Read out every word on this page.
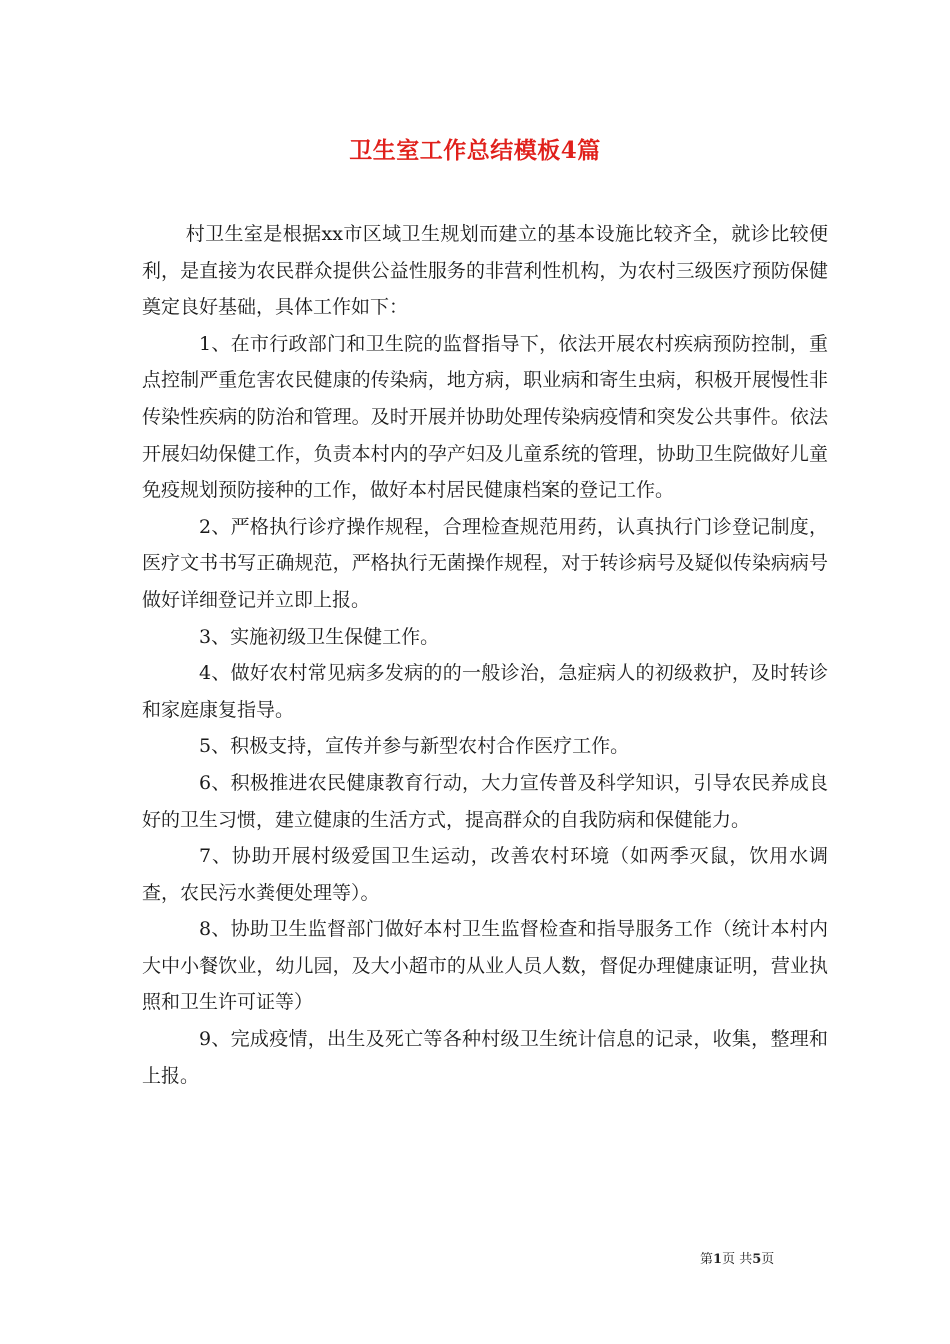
卫生室工作总结模板4篇

村卫生室是根据xx市区域卫生规划而建立的基本设施比较齐全，就诊比较便利，是直接为农民群众提供公益性服务的非营利性机构，为农村三级医疗预防保健奠定良好基础，具体工作如下：

1、在市行政部门和卫生院的监督指导下，依法开展农村疾病预防控制，重点控制严重危害农民健康的传染病，地方病，职业病和寄生虫病，积极开展慢性非传染性疾病的防治和管理。及时开展并协助处理传染病疫情和突发公共事件。依法开展妇幼保健工作，负责本村内的孕产妇及儿童系统的管理，协助卫生院做好儿童免疫规划预防接种的工作，做好本村居民健康档案的登记工作。

2、严格执行诊疗操作规程，合理检查规范用药，认真执行门诊登记制度，医疗文书书写正确规范，严格执行无菌操作规程，对于转诊病号及疑似传染病病号做好详细登记并立即上报。

3、实施初级卫生保健工作。

4、做好农村常见病多发病的的一般诊治，急症病人的初级救护，及时转诊和家庭康复指导。

5、积极支持，宣传并参与新型农村合作医疗工作。

6、积极推进农民健康教育行动，大力宣传普及科学知识，引导农民养成良好的卫生习惯，建立健康的生活方式，提高群众的自我防病和保健能力。

7、协助开展村级爱国卫生运动，改善农村环境（如两季灭鼠，饮用水调查，农民污水粪便处理等）。

8、协助卫生监督部门做好本村卫生监督检查和指导服务工作（统计本村内大中小餐饮业，幼儿园，及大小超市的从业人员人数，督促办理健康证明，营业执照和卫生许可证等）

9、完成疫情，出生及死亡等各种村级卫生统计信息的记录，收集，整理和上报。

第1页 共5页
